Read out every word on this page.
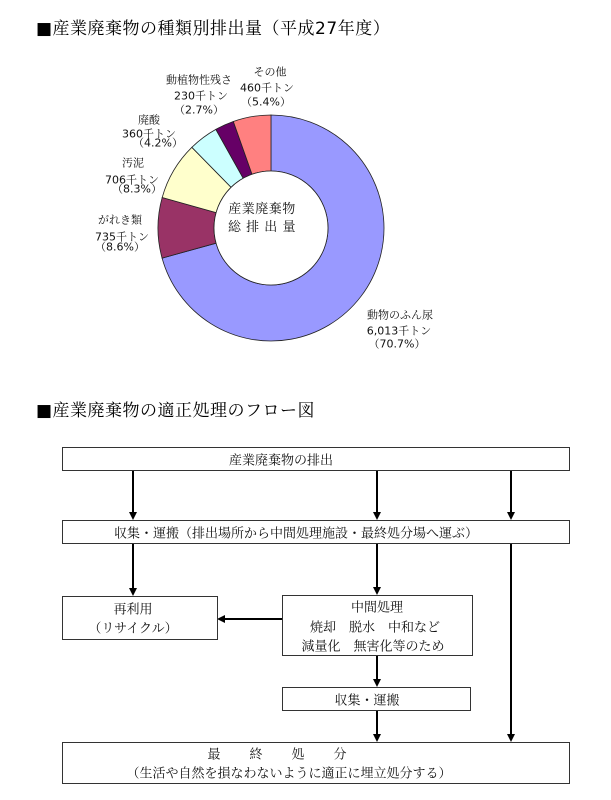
■産業廃棄物の種類別排出量（平成27年度）
産業廃棄物
総 排 出 量
動物のふん尿
6,013千トン
（70.7%）
がれき類
735千トン
（8.6%）
汚泥
706千トン
（8.3%）
廃酸
360千トン
（4.2%）
動植物性残さ
230千トン
（2.7%）
その他
460千トン
（5.4%）
■産業廃棄物の適正処理のフロー図
産業廃棄物の排出
収集・運搬（排出場所から中間処理施設・最終処分場へ運ぶ）
再利用
（リサイクル）
中間処理
焼却　脱水　中和など
減量化　無害化等のため
収集・運搬
最　終　処　分
（生活や自然を損なわないように適正に埋立処分する）
